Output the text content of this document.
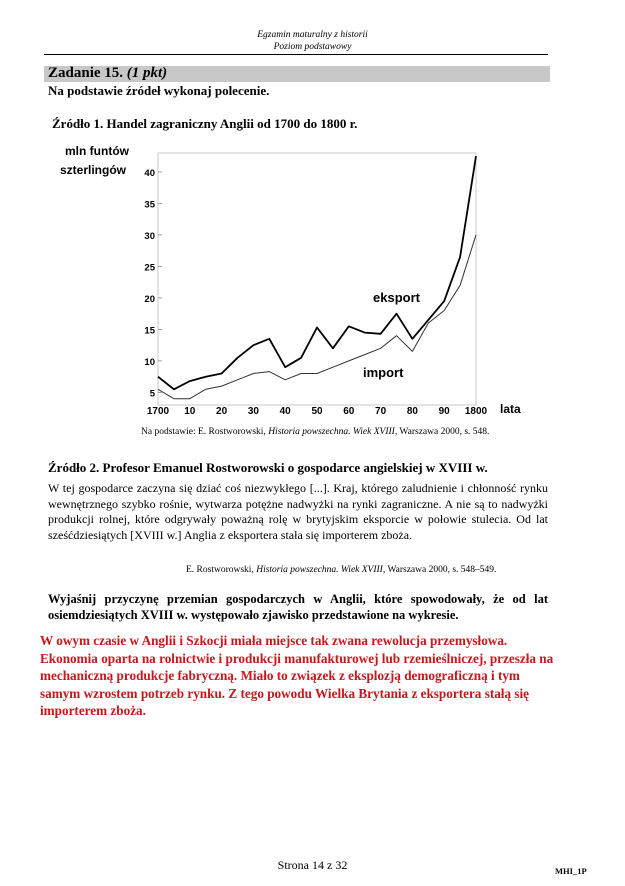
Egzamin maturalny z historii
Poziom podstawowy
Zadanie 15. (1 pkt)
Na podstawie źródeł wykonaj polecenie.
Źródło 1. Handel zagraniczny Anglii od 1700 do 1800 r.
mln funtów
szterlingów
lata
5
10
15
20
25
30
35
40
1700 10 20 30 40 50 60 70 80 90 1800
eksport
import
Na podstawie: E. Rostworowski, Historia powszechna. Wiek XVIII, Warszawa 2000, s. 548.
Źródło 2. Profesor Emanuel Rostworowski o gospodarce angielskiej w XVIII w.
W tej gospodarce zaczyna się dziać coś niezwykłego [...]. Kraj, którego zaludnienie i chłonność rynku wewnętrznego szybko rośnie, wytwarza potężne nadwyżki na rynki zagraniczne. A nie są to nadwyżki produkcji rolnej, które odgrywały poważną rolę w brytyjskim eksporcie w połowie stulecia. Od lat sześćdziesiątych [XVIII w.] Anglia z eksportera stała się importerem zboża.
E. Rostworowski, Historia powszechna. Wiek XVIII, Warszawa 2000, s. 548–549.
Wyjaśnij przyczynę przemian gospodarczych w Anglii, które spowodowały, że od lat osiemdziesiątych XVIII w. występowało zjawisko przedstawione na wykresie.
W owym czasie w Anglii i Szkocji miała miejsce tak zwana rewolucja przemysłowa. Ekonomia oparta na rolnictwie i produkcji manufakturowej lub rzemieślniczej, przeszła na mechaniczną produkcje fabryczną. Miało to związek z eksplozją demograficzną i tym samym wzrostem potrzeb rynku. Z tego powodu Wielka Brytania z eksportera stałą się importerem zboża.
Strona 14 z 32	MHI_1P
